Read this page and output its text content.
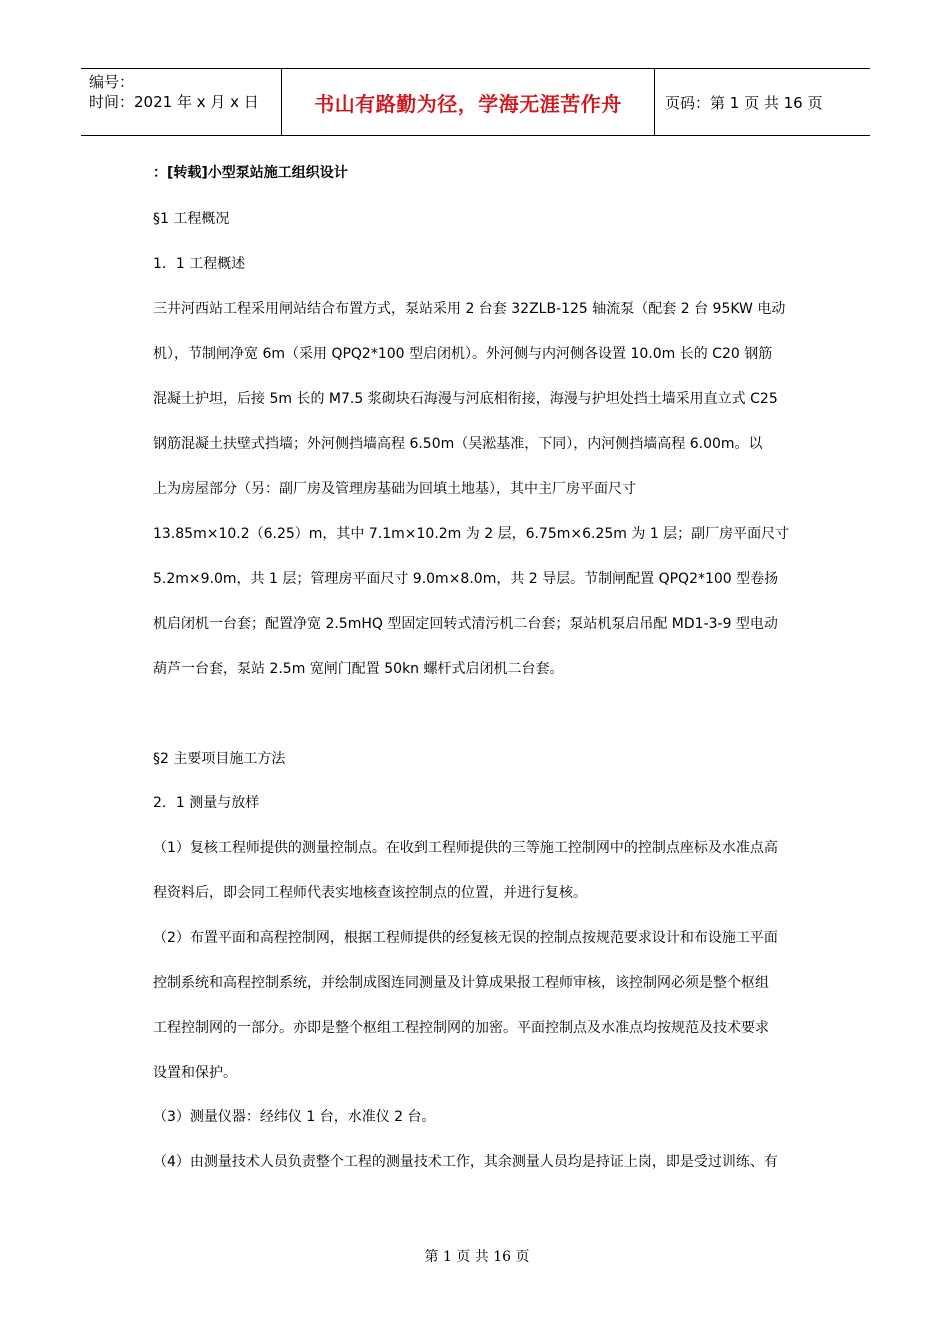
编号：
时间：2021 年 x 月 x 日	书山有路勤为径，学海无涯苦作舟	页码：第 1 页 共 16 页
：[转载]小型泵站施工组织设计
§1 工程概况
1．1 工程概述
三井河西站工程采用闸站结合布置方式，泵站采用 2 台套 32ZLB-125 轴流泵（配套 2 台 95KW 电动
机），节制闸净宽 6m（采用 QPQ2*100 型启闭机）。外河侧与内河侧各设置 10.0m 长的 C20 钢筋
混凝土护坦，后接 5m 长的 M7.5 浆砌块石海漫与河底相衔接，海漫与护坦处挡土墙采用直立式 C25
钢筋混凝土扶壁式挡墙；外河侧挡墙高程 6.50m（吴淞基准，下同），内河侧挡墙高程 6.00m。以
上为房屋部分（另：副厂房及管理房基础为回填土地基），其中主厂房平面尺寸
13.85m×10.2（6.25）m，其中 7.1m×10.2m 为 2 层，6.75m×6.25m 为 1 层；副厂房平面尺寸
5.2m×9.0m，共 1 层；管理房平面尺寸 9.0m×8.0m，共 2 导层。节制闸配置 QPQ2*100 型卷扬
机启闭机一台套；配置净宽 2.5mHQ 型固定回转式清污机二台套；泵站机泵启吊配 MD1-3-9 型电动
葫芦一台套，泵站 2.5m 宽闸门配置 50kn 螺杆式启闭机二台套。
§2 主要项目施工方法
2．1 测量与放样
（1）复核工程师提供的测量控制点。在收到工程师提供的三等施工控制网中的控制点座标及水准点高
程资料后，即会同工程师代表实地核查该控制点的位置，并进行复核。
（2）布置平面和高程控制网，根据工程师提供的经复核无误的控制点按规范要求设计和布设施工平面
控制系统和高程控制系统，并绘制成图连同测量及计算成果报工程师审核，该控制网必须是整个枢组
工程控制网的一部分。亦即是整个枢组工程控制网的加密。平面控制点及水准点均按规范及技术要求
设置和保护。
（3）测量仪器：经纬仪 1 台，水准仪 2 台。
（4）由测量技术人员负责整个工程的测量技术工作，其余测量人员均是持证上岗，即是受过训练、有
第 1 页 共 16 页
